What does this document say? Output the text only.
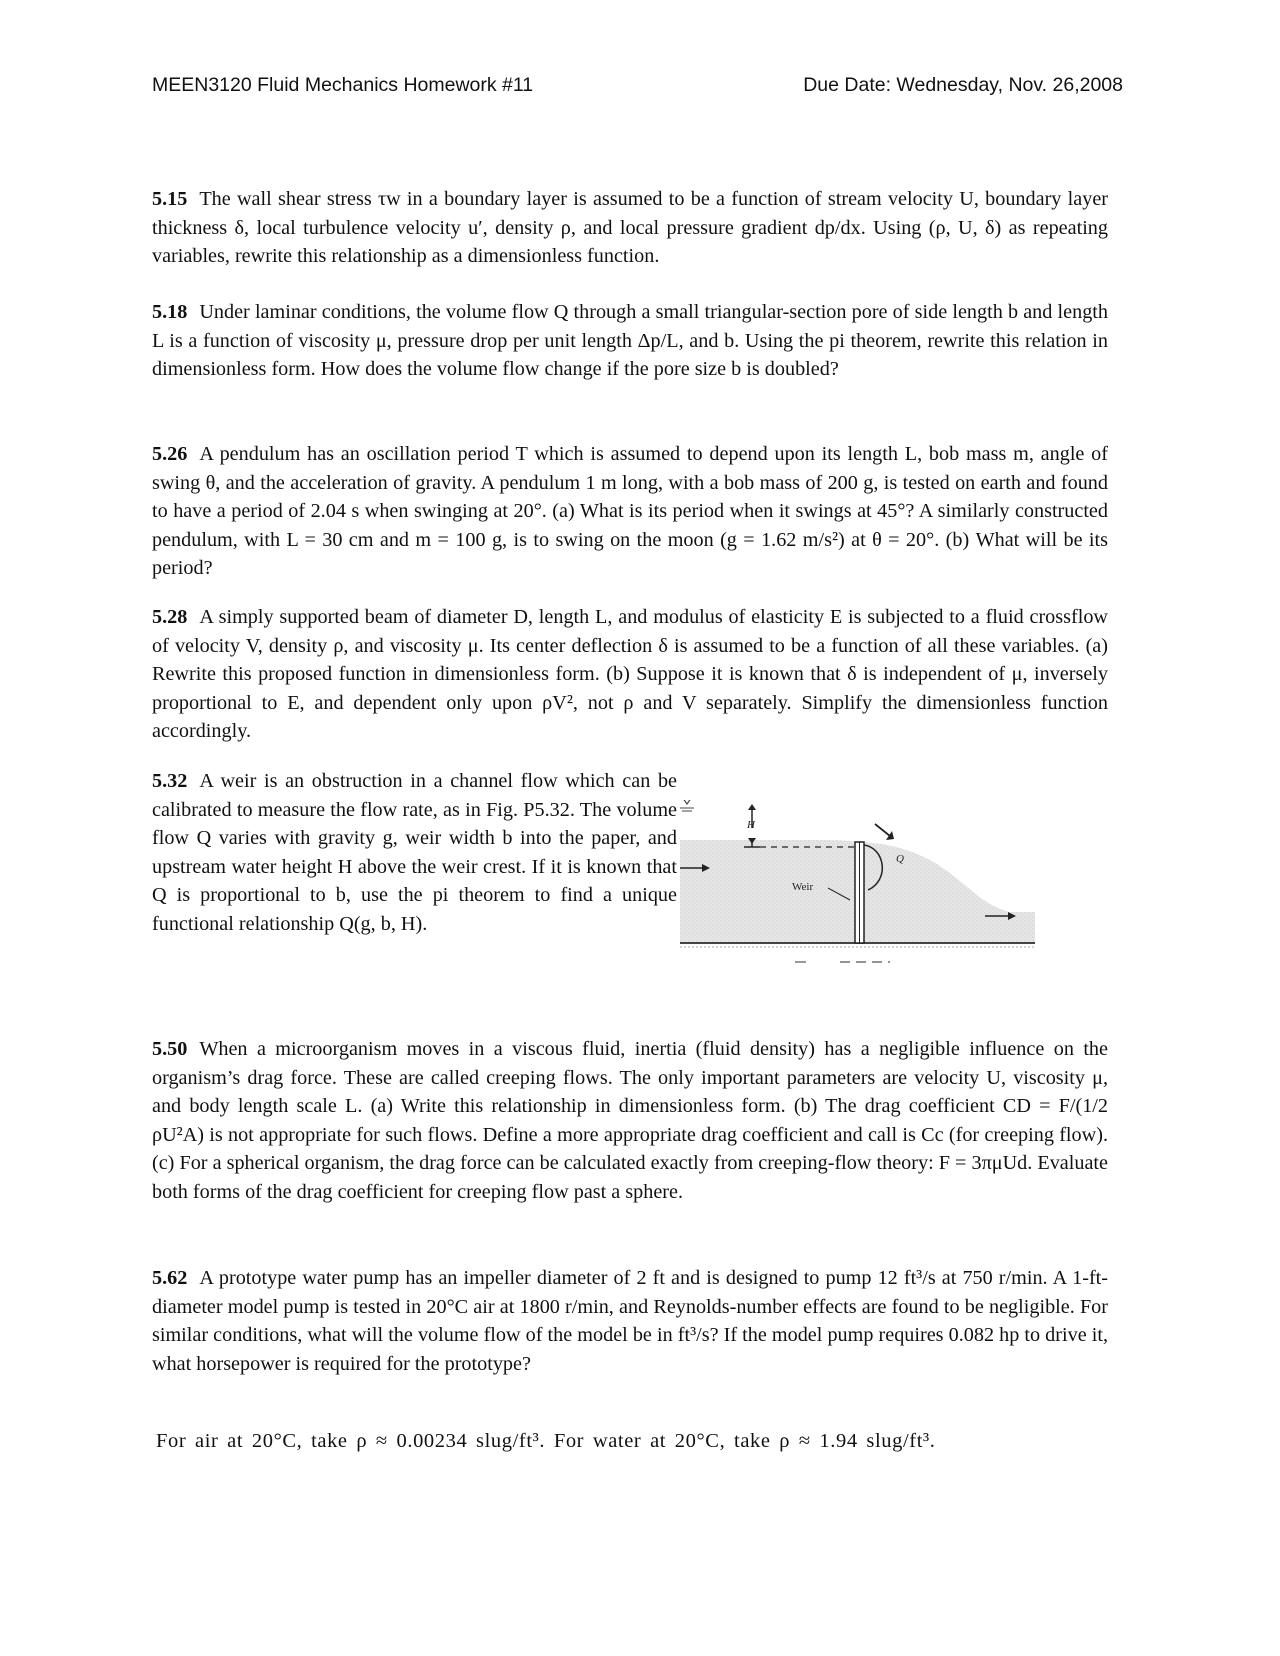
MEEN3120 Fluid Mechanics Homework #11	Due Date: Wednesday, Nov. 26,2008
5.15 The wall shear stress τw in a boundary layer is assumed to be a function of stream velocity U, boundary layer thickness δ, local turbulence velocity u′, density ρ, and local pressure gradient dp/dx. Using (ρ, U, δ) as repeating variables, rewrite this relationship as a dimensionless function.
5.18 Under laminar conditions, the volume flow Q through a small triangular-section pore of side length b and length L is a function of viscosity μ, pressure drop per unit length Δp/L, and b. Using the pi theorem, rewrite this relation in dimensionless form. How does the volume flow change if the pore size b is doubled?
5.26 A pendulum has an oscillation period T which is assumed to depend upon its length L, bob mass m, angle of swing θ, and the acceleration of gravity. A pendulum 1 m long, with a bob mass of 200 g, is tested on earth and found to have a period of 2.04 s when swinging at 20°. (a) What is its period when it swings at 45°? A similarly constructed pendulum, with L = 30 cm and m = 100 g, is to swing on the moon (g = 1.62 m/s²) at θ = 20°. (b) What will be its period?
5.28 A simply supported beam of diameter D, length L, and modulus of elasticity E is subjected to a fluid crossflow of velocity V, density ρ, and viscosity μ. Its center deflection δ is assumed to be a function of all these variables. (a) Rewrite this proposed function in dimensionless form. (b) Suppose it is known that δ is independent of μ, inversely proportional to E, and dependent only upon ρV², not ρ and V separately. Simplify the dimensionless function accordingly.
5.32 A weir is an obstruction in a channel flow which can be calibrated to measure the flow rate, as in Fig. P5.32. The volume flow Q varies with gravity g, weir width b into the paper, and upstream water height H above the weir crest. If it is known that Q is proportional to b, use the pi theorem to find a unique functional relationship Q(g, b, H).
H
Q
Weir
5.50 When a microorganism moves in a viscous fluid, inertia (fluid density) has a negligible influence on the organism’s drag force. These are called creeping flows. The only important parameters are velocity U, viscosity μ, and body length scale L. (a) Write this relationship in dimensionless form. (b) The drag coefficient CD = F/(1/2 ρU²A) is not appropriate for such flows. Define a more appropriate drag coefficient and call is Cc (for creeping flow). (c) For a spherical organism, the drag force can be calculated exactly from creeping-flow theory: F = 3πμUd. Evaluate both forms of the drag coefficient for creeping flow past a sphere.
5.62 A prototype water pump has an impeller diameter of 2 ft and is designed to pump 12 ft³/s at 750 r/min. A 1-ft-diameter model pump is tested in 20°C air at 1800 r/min, and Reynolds-number effects are found to be negligible. For similar conditions, what will the volume flow of the model be in ft³/s? If the model pump requires 0.082 hp to drive it, what horsepower is required for the prototype?
For air at 20°C, take ρ ≈ 0.00234 slug/ft³. For water at 20°C, take ρ ≈ 1.94 slug/ft³.
